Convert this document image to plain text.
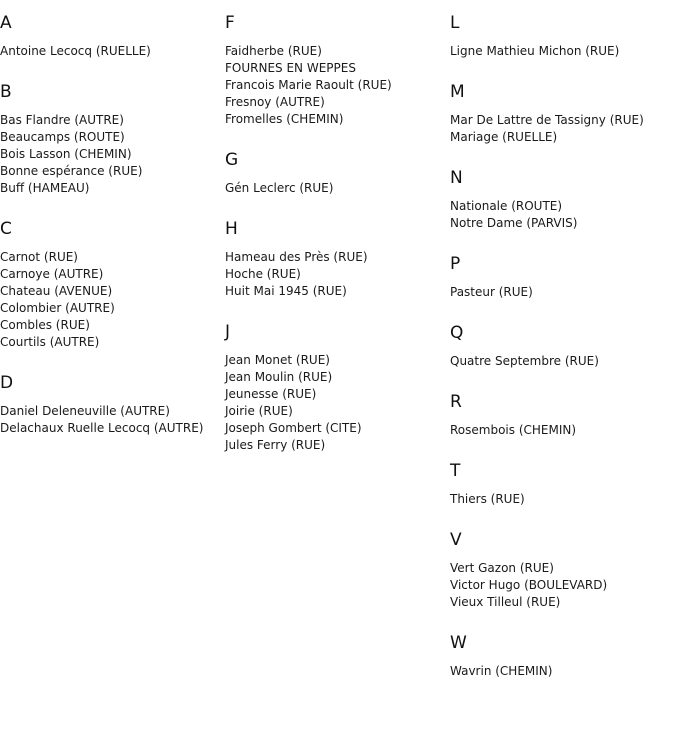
A
Antoine Lecocq (RUELLE)
B
Bas Flandre (AUTRE)
Beaucamps (ROUTE)
Bois Lasson (CHEMIN)
Bonne espérance (RUE)
Buff (HAMEAU)
C
Carnot (RUE)
Carnoye (AUTRE)
Chateau (AVENUE)
Colombier (AUTRE)
Combles (RUE)
Courtils (AUTRE)
D
Daniel Deleneuville (AUTRE)
Delachaux Ruelle Lecocq (AUTRE)
F
Faidherbe (RUE)
FOURNES EN WEPPES
Francois Marie Raoult (RUE)
Fresnoy (AUTRE)
Fromelles (CHEMIN)
G
Gén Leclerc (RUE)
H
Hameau des Près (RUE)
Hoche (RUE)
Huit Mai 1945 (RUE)
J
Jean Monet (RUE)
Jean Moulin (RUE)
Jeunesse (RUE)
Joirie (RUE)
Joseph Gombert (CITE)
Jules Ferry (RUE)
L
Ligne Mathieu Michon (RUE)
M
Mar De Lattre de Tassigny (RUE)
Mariage (RUELLE)
N
Nationale (ROUTE)
Notre Dame (PARVIS)
P
Pasteur (RUE)
Q
Quatre Septembre (RUE)
R
Rosembois (CHEMIN)
T
Thiers (RUE)
V
Vert Gazon (RUE)
Victor Hugo (BOULEVARD)
Vieux Tilleul (RUE)
W
Wavrin (CHEMIN)
